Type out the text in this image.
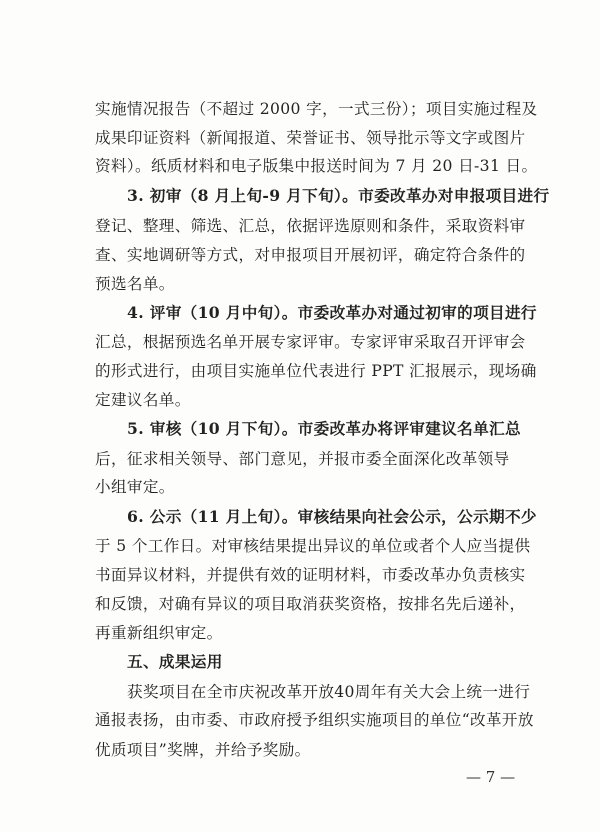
实施情况报告（不超过 2000 字，一式三份）；项目实施过程及
成果印证资料（新闻报道、荣誉证书、领导批示等文字或图片
资料）。纸质材料和电子版集中报送时间为 7 月 20 日-31 日。
3. 初审（8 月上旬-9 月下旬）。市委改革办对申报项目进行
登记、整理、筛选、汇总，依据评选原则和条件，采取资料审
查、实地调研等方式，对申报项目开展初评，确定符合条件的
预选名单。
4. 评审（10 月中旬）。市委改革办对通过初审的项目进行
汇总，根据预选名单开展专家评审。专家评审采取召开评审会
的形式进行，由项目实施单位代表进行 PPT 汇报展示，现场确
定建议名单。
5. 审核（10 月下旬）。市委改革办将评审建议名单汇总
后，征求相关领导、部门意见，并报市委全面深化改革领导
小组审定。
6. 公示（11 月上旬）。审核结果向社会公示，公示期不少
于 5 个工作日。对审核结果提出异议的单位或者个人应当提供
书面异议材料，并提供有效的证明材料，市委改革办负责核实
和反馈，对确有异议的项目取消获奖资格，按排名先后递补，
再重新组织审定。
五、成果运用
获奖项目在全市庆祝改革开放40周年有关大会上统一进行
通报表扬，由市委、市政府授予组织实施项目的单位“改革开放
优质项目”奖牌，并给予奖励。
— 7 —
